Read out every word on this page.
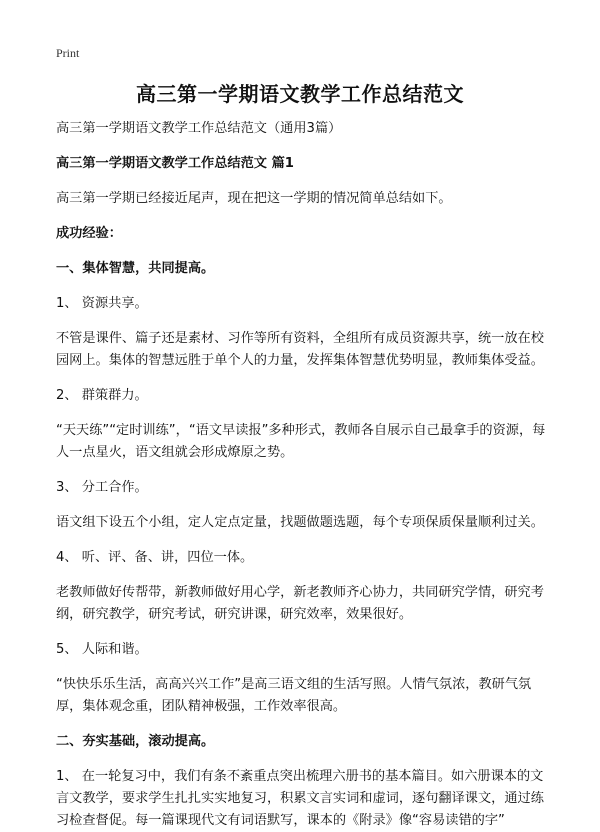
Print
高三第一学期语文教学工作总结范文

高三第一学期语文教学工作总结范文（通用3篇）

高三第一学期语文教学工作总结范文 篇1

高三第一学期已经接近尾声，现在把这一学期的情况简单总结如下。

成功经验：

一、集体智慧，共同提高。

1、 资源共享。

不管是课件、篇子还是素材、习作等所有资料，全组所有成员资源共享，统一放在校园网上。集体的智慧远胜于单个人的力量，发挥集体智慧优势明显，教师集体受益。

2、 群策群力。

“天天练”“定时训练”，“语文早读报”多种形式，教师各自展示自己最拿手的资源，每人一点星火，语文组就会形成燎原之势。

3、 分工合作。

语文组下设五个小组，定人定点定量，找题做题选题，每个专项保质保量顺利过关。

4、 听、评、备、讲，四位一体。

老教师做好传帮带，新教师做好用心学，新老教师齐心协力，共同研究学情，研究考纲，研究教学，研究考试，研究讲课，研究效率，效果很好。

5、 人际和谐。

“快快乐乐生活，高高兴兴工作”是高三语文组的生活写照。人情气氛浓，教研气氛厚，集体观念重，团队精神极强，工作效率很高。

二、夯实基础，滚动提高。

1、 在一轮复习中，我们有条不紊重点突出梳理六册书的基本篇目。如六册课本的文言文教学，要求学生扎扎实实地复习，积累文言实词和虚词，逐句翻译课文，通过练习检查督促。每一篇课现代文有词语默写，课本的《附录》像“容易读错的字”
